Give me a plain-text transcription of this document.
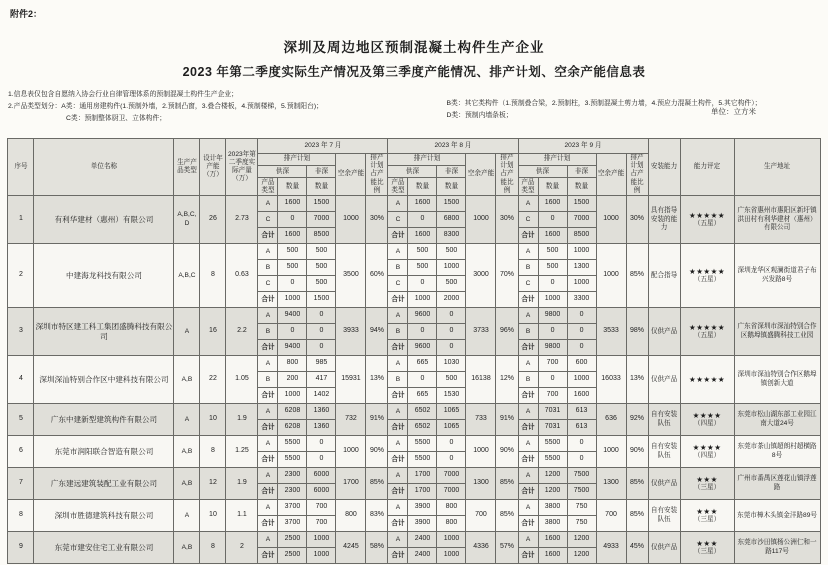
附件2：
深圳及周边地区预制混凝土构件生产企业
2023 年第二季度实际生产情况及第三季度产能情况、排产计划、空余产能信息表
1.信息表仅包含自愿纳入协会行业自律管理体系的预制混凝土构件生产企业；
2.产品类型划分：A类：通用房建构件(1.预制外墙，2.预制凸窗，3.叠合楼板，4.预制楼梯，5.预制阳台)；
C类：预制整体厨卫、立体构件；
B类：其它类构件（1.预制叠合梁，2.预制柱，3.预制混凝土剪力墙，4.预应力混凝土构件，5.其它构件）；
D类：预制内墙条板；	单位：立方米
序号	单位名称	生产产品类型	设计年产能（万）	2023年第二季度实际产量（万）	2023 年 7 月					2023 年 8 月					2023 年 9 月					安装能力	能力评定	生产地址
					排产计划			空余产能	排产计划占产能比例	排产计划			空余产能	排产计划占产能比例	排产计划			空余产能	排产计划占产能比例			
					供深		非深			供深		非深			供深		非深					
					产品类型	数量	数量			产品类型	数量	数量			产品类型	数量	数量					
1	有利华建材（惠州）有限公司	A,B,C,D	26	2.73	A	1600	1500	1000	30%	A	1600	1500	1000	30%	A	1600	1500	1000	30%	具有指导安装的能力	★★★★★
（五星）	广东省惠州市惠阳区新圩镇洪田村有利华建材（惠州）有限公司
					C	0	7000			C	0	6800			C	0	7000					
					合计	1600	8500			合计	1600	8300			合计	1600	8500					
2	中建海龙科技有限公司	A,B,C	8	0.63	A	500	500	3500	60%	A	500	500	3000	70%	A	500	1000	1000	85%	配合指导	★★★★★
（五星）	深圳龙华区观澜街道君子布兴发路8号
					B	500	500			B	500	1000			B	500	1300					
					C	0	500			C	0	500			C	0	1000					
					合计	1000	1500			合计	1000	2000			合计	1000	3300					
3	深圳市特区建工科工集团盛腾科技有限公司	A	16	2.2	A	9400	0	3933	94%	A	9600	0	3733	96%	A	9800	0	3533	98%	仅供产品	★★★★★
（五星）	广东省深圳市深汕特别合作区鹅埠镇盛腾科技工业园
					B	0	0			B	0	0			B	0	0					
					合计	9400	0			合计	9600	0			合计	9800	0					
4	深圳深汕特别合作区中建科技有限公司	A,B	22	1.05	A	800	985	15931	13%	A	665	1030	16138	12%	A	700	600	16033	13%	仅供产品	★★★★★	深圳市深汕特别合作区鹅埠镇创新大道
					B	200	417			B	0	500			B	0	1000					
					合计	1000	1402			合计	665	1530			合计	700	1600					
5	广东中建新型建筑构件有限公司	A	10	1.9	A	6208	1360	732	91%	A	6502	1065	733	91%	A	7031	613	636	92%	自有安装队伍	★★★★
（四星）	东莞市松山湖东部工业园江南大道24号
					合计	6208	1360			合计	6502	1065			合计	7031	613					
6	东莞市润阳联合智造有限公司	A,B	8	1.25	A	5500	0	1000	90%	A	5500	0	1000	90%	A	5500	0	1000	90%	自有安装队伍	★★★★
（四星）	东莞市茶山镇超朗村超横路8号
					合计	5500	0			合计	5500	0			合计	5500	0					
7	广东建远建筑装配工业有限公司	A,B	12	1.9	A	2300	6000	1700	85%	A	1700	7000	1300	85%	A	1200	7500	1300	85%	仅供产品	★★★
（三星）	广州市番禺区莲花山镇浮莲路
					合计	2300	6000			合计	1700	7000			合计	1200	7500					
8	深圳市胜德建筑科技有限公司	A	10	1.1	A	3700	700	800	83%	A	3900	800	700	85%	A	3800	750	700	85%	自有安装队伍	★★★
（三星）	东莞市樟木头镇金洋路89号
					合计	3700	700			合计	3900	800			合计	3800	750					
9	东莞市建安住宅工业有限公司	A,B	8	2	A	2500	1000	4245	58%	A	2400	1000	4336	57%	A	1600	1200	4933	45%	仅供产品	★★★
（三星）	东莞市沙田镇杨公洲仁和一路117号
					合计	2500	1000			合计	2400	1000			合计	1600	1200					
